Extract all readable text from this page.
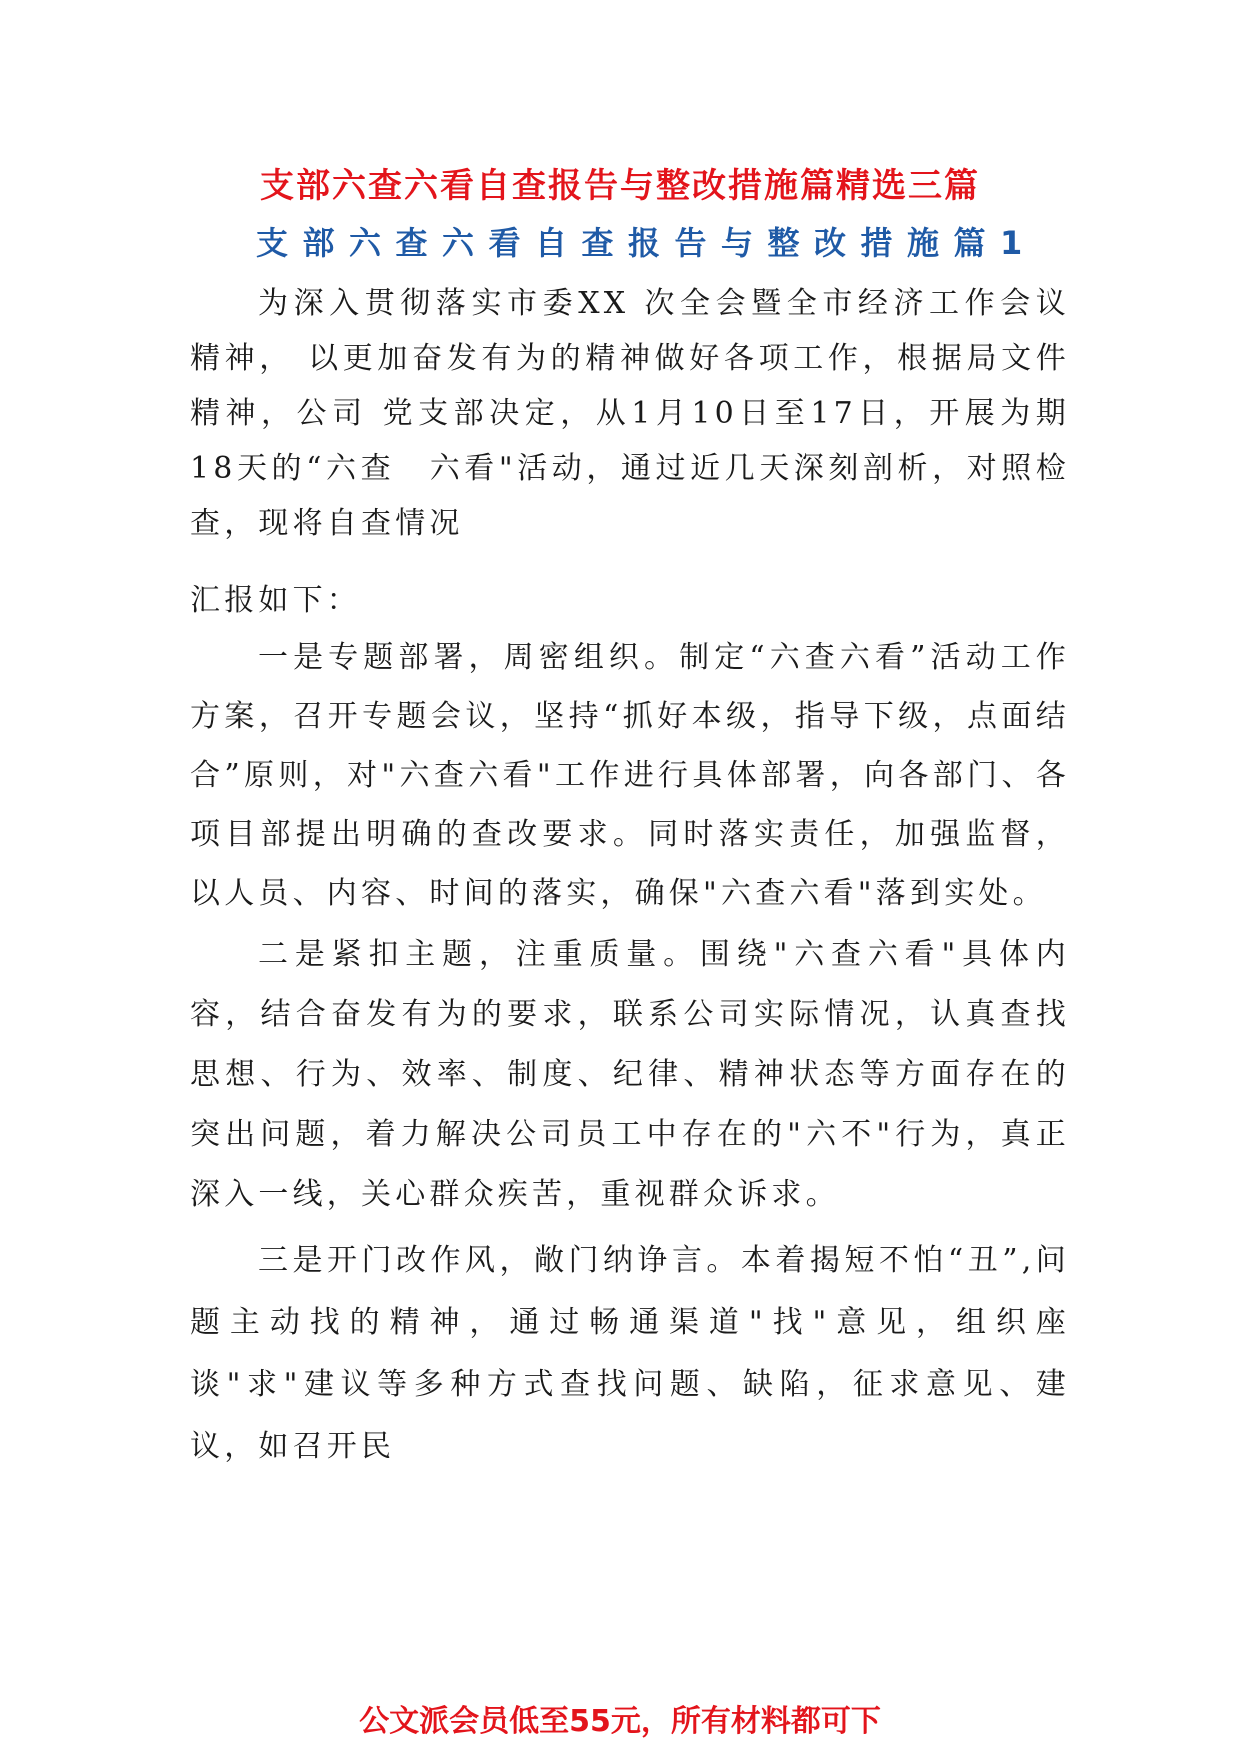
支部六查六看自查报告与整改措施篇精选三篇
支部六查六看自查报告与整改措施篇1

为深入贯彻落实市委XX 次全会暨全市经济工作会议精神， 以更加奋发有为的精神做好各项工作，根据局文件精神，公司 党支部决定，从1月10日至17日，开展为期18天的“六查　六看"活动，通过近几天深刻剖析，对照检查，现将自查情况

汇报如下：

一是专题部署，周密组织。制定“六查六看”活动工作方案，召开专题会议，坚持“抓好本级，指导下级，点面结合”原则，对"六查六看"工作进行具体部署，向各部门、各项目部提出明确的查改要求。同时落实责任，加强监督，以人员、内容、时间的落实，确保"六查六看"落到实处。

二是紧扣主题，注重质量。围绕"六查六看"具体内容，结合奋发有为的要求，联系公司实际情况，认真查找思想、行为、效率、制度、纪律、精神状态等方面存在的突出问题，着力解决公司员工中存在的"六不"行为，真正深入一线，关心群众疾苦，重视群众诉求。

三是开门改作风，敞门纳诤言。本着揭短不怕“丑”,问题主动找的精神，通过畅通渠道"找"意见，组织座谈"求"建议等多种方式查找问题、缺陷，征求意见、建议，如召开民

公文派会员低至55元，所有材料都可下
